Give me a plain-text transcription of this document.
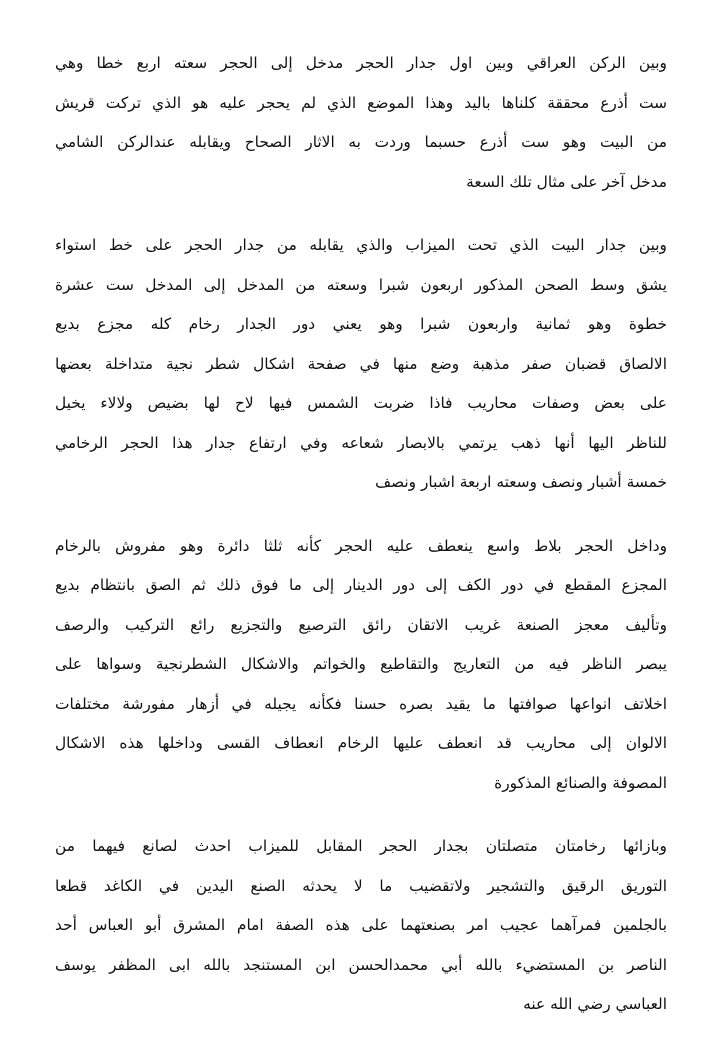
وبين الركن العراقي وبين اول جدار الحجر مدخل إلى الحجر سعته اربع خطا وهي
ست أذرع محققة كلناها باليد وهذا الموضع الذي لم يحجر عليه هو الذي تركت قريش
من البيت وهو ست أذرع حسبما وردت به الاثار الصحاح ويقابله عندالركن الشامي
مدخل آخر على مثال تلك السعة
وبين جدار البيت الذي تحت الميزاب والذي يقابله من جدار الحجر على خط استواء
يشق وسط الصحن المذكور اربعون شبرا وسعته من المدخل إلى المدخل ست عشرة
خطوة وهو ثمانية واربعون شبرا وهو يعني دور الجدار رخام كله مجزع بديع
الالصاق قضبان صفر مذهبة وضع منها في صفحة اشكال شطر نجية متداخلة بعضها
على بعض وصفات محاريب فاذا ضربت الشمس فيها لاح لها بضيص ولالاء يخيل
للناظر اليها أنها ذهب يرتمي بالابصار شعاعه وفي ارتفاع جدار هذا الحجر الرخامي
خمسة أشبار ونصف وسعته اربعة اشبار ونصف
وداخل الحجر بلاط واسع ينعطف عليه الحجر كأنه ثلثا دائرة وهو مفروش بالرخام
المجزع المقطع في دور الكف إلى دور الدينار إلى ما فوق ذلك ثم الصق بانتظام بديع
وتأليف معجز الصنعة غريب الاتقان رائق الترصيع والتجزيع رائع التركيب والرصف
يبصر الناظر فيه من التعاريج والتقاطيع والخواتم والاشكال الشطرنجية وسواها على
اخلاتف انواعها صوافتها ما يقيد بصره حسنا فكأنه يجيله في أزهار مفورشة مختلفات
الالوان إلى محاريب قد انعطف عليها الرخام انعطاف القسى وداخلها هذه الاشكال
المصوفة والصنائع المذكورة
وبازائها رخامتان متصلتان بجدار الحجر المقابل للميزاب احدث لصانع فيهما من
التوريق الرقيق والتشجير ولاتقضيب ما لا يحدثه الصنع اليدين في الكاغد قطعا
بالجلمين فمرآهما عجيب امر بصنعتهما على هذه الصفة امام المشرق أبو العباس أحد
الناصر بن المستضيء بالله أبي محمدالحسن ابن المستنجد بالله ابى المظفر يوسف
العباسي رضي الله عنه
